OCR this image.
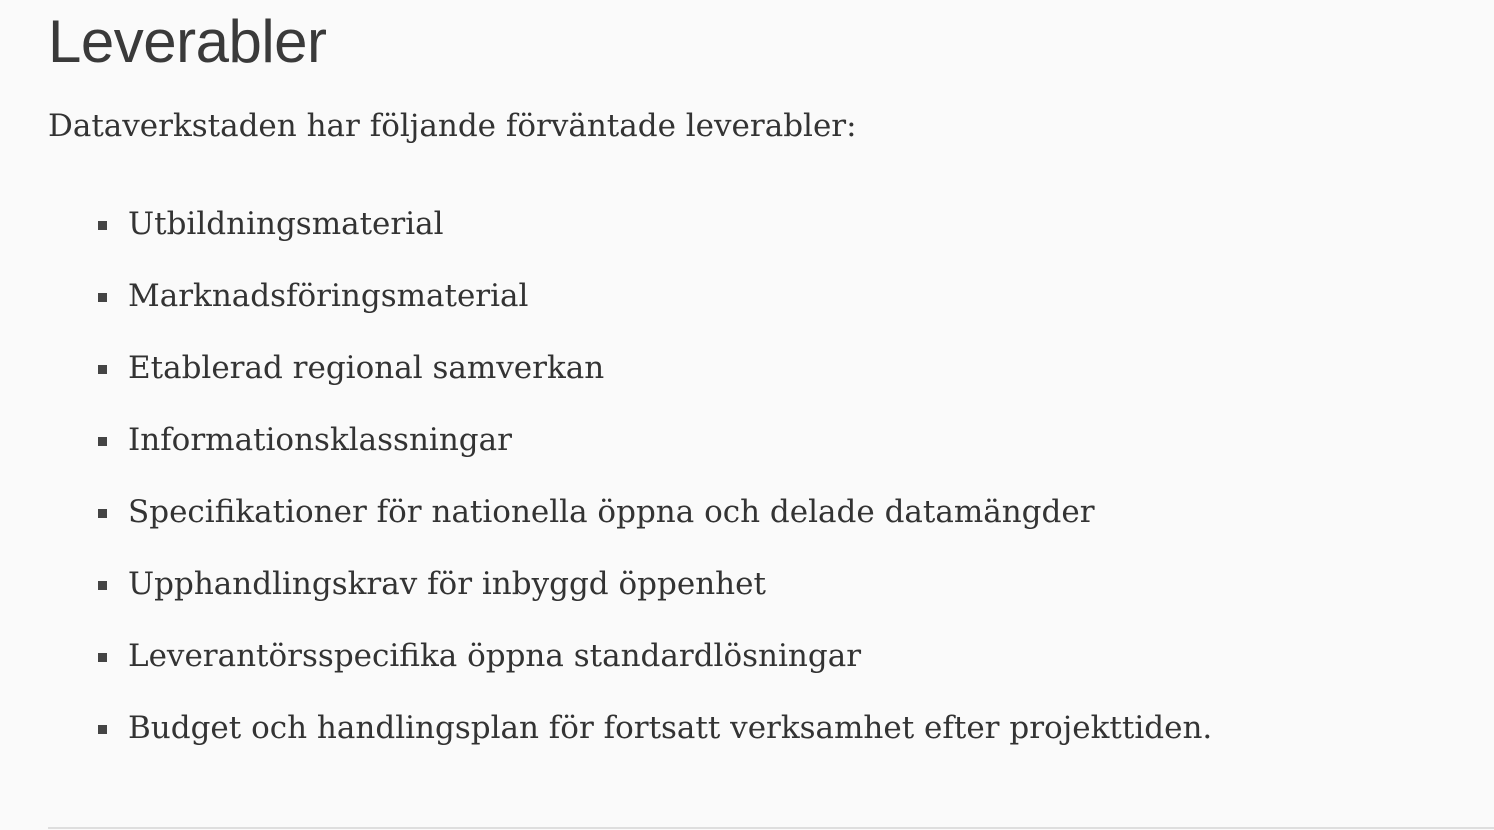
Leverabler

Dataverkstaden har följande förväntade leverabler:

Utbildningsmaterial
Marknadsföringsmaterial
Etablerad regional samverkan
Informationsklassningar
Specifikationer för nationella öppna och delade datamängder
Upphandlingskrav för inbyggd öppenhet
Leverantörsspecifika öppna standardlösningar
Budget och handlingsplan för fortsatt verksamhet efter projekttiden.
